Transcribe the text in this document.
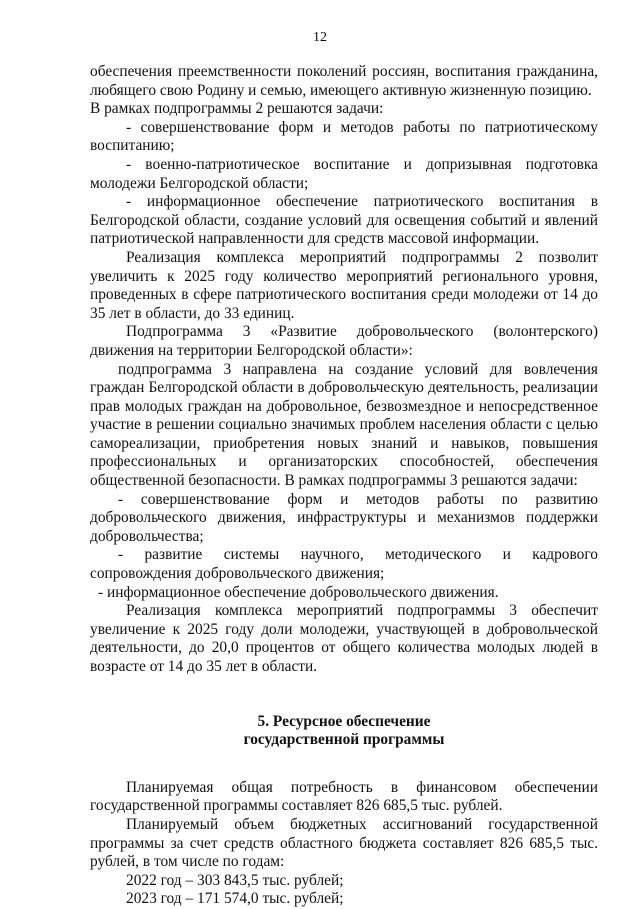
12

обеспечения преемственности поколений россиян, воспитания гражданина, любящего свою Родину и семью, имеющего активную жизненную позицию.

В рамках подпрограммы 2 решаются задачи:

- совершенствование форм и методов работы по патриотическому воспитанию;

- военно-патриотическое воспитание и допризывная подготовка молодежи Белгородской области;

- информационное обеспечение патриотического воспитания в Белгородской области, создание условий для освещения событий и явлений патриотической направленности для средств массовой информации.

Реализация комплекса мероприятий подпрограммы 2 позволит увеличить к 2025 году количество мероприятий регионального уровня, проведенных в сфере патриотического воспитания среди молодежи от 14 до 35 лет в области, до 33 единиц.

Подпрограмма 3 «Развитие добровольческого (волонтерского) движения на территории Белгородской области»:

подпрограмма 3 направлена на создание условий для вовлечения граждан Белгородской области в добровольческую деятельность, реализации прав молодых граждан на добровольное, безвозмездное и непосредственное участие в решении социально значимых проблем населения области с целью самореализации, приобретения новых знаний и навыков, повышения профессиональных и организаторских способностей, обеспечения общественной безопасности. В рамках подпрограммы 3 решаются задачи:

- совершенствование форм и методов работы по развитию добровольческого движения, инфраструктуры и механизмов поддержки добровольчества;

- развитие системы научного, методического и кадрового сопровождения добровольческого движения;

- информационное обеспечение добровольческого движения.

Реализация комплекса мероприятий подпрограммы 3 обеспечит увеличение к 2025 году доли молодежи, участвующей в добровольческой деятельности, до 20,0 процентов от общего количества молодых людей в возрасте от 14 до 35 лет в области.

5. Ресурсное обеспечение
государственной программы

Планируемая общая потребность в финансовом обеспечении государственной программы составляет 826 685,5 тыс. рублей.

Планируемый объем бюджетных ассигнований государственной программы за счет средств областного бюджета составляет 826 685,5 тыс. рублей, в том числе по годам:

2022 год – 303 843,5 тыс. рублей;

2023 год – 171 574,0 тыс. рублей;
